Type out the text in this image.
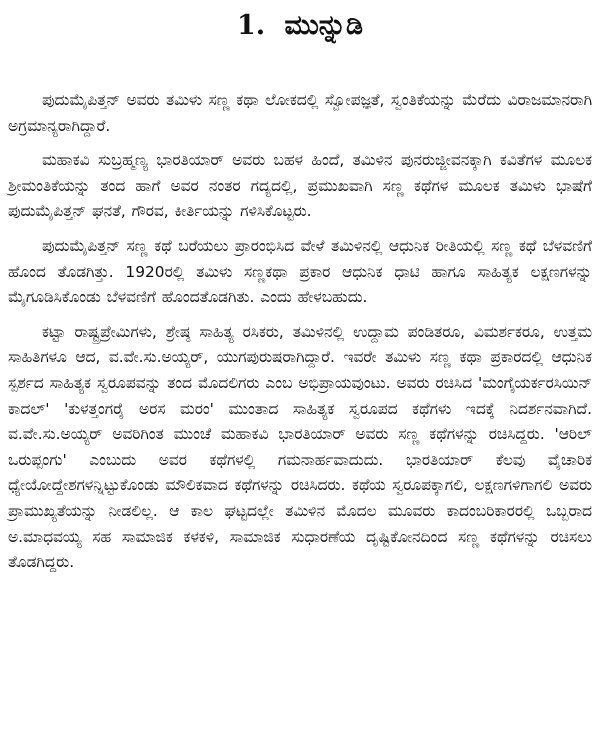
1. ಮುನ್ನುಡಿ

ಪುದುಮೈಪಿತ್ತನ್ ಅವರು ತಮಿಳು ಸಣ್ಣ ಕಥಾ ಲೋಕದಲ್ಲಿ ಸ್ವೋಪಜ್ಞತೆ, ಸ್ವಂತಿಕೆಯನ್ನು ಮೆರೆದು ವಿರಾಜಮಾನರಾಗಿ ಅಗ್ರಮಾನ್ಯರಾಗಿದ್ದಾರೆ.

ಮಹಾಕವಿ ಸುಬ್ರಹ್ಮಣ್ಯ ಭಾರತಿಯಾರ್ ಅವರು ಬಹಳ ಹಿಂದೆ, ತಮಿಳಿನ ಪುನರುಜ್ಜೀವನಕ್ಕಾಗಿ ಕವಿತೆಗಳ ಮೂಲಕ ಶ್ರೀಮಂತಿಕೆಯನ್ನು ತಂದ ಹಾಗೆ ಅವರ ನಂತರ ಗದ್ಯದಲ್ಲಿ, ಪ್ರಮುಖವಾಗಿ ಸಣ್ಣ ಕಥೆಗಳ ಮೂಲಕ ತಮಿಳು ಭಾಷೆಗೆ ಪುದುಮೈಪಿತ್ತನ್ ಘನತೆ, ಗೌರವ, ಕೀರ್ತಿಯನ್ನು ಗಳಿಸಿಕೊಟ್ಟರು.

ಪುದುಮೈಪಿತ್ತನ್ ಸಣ್ಣ ಕಥೆ ಬರೆಯಲು ಪ್ರಾರಂಭಿಸಿದ ವೇಳೆ ತಮಿಳಿನಲ್ಲಿ ಆಧುನಿಕ ರೀತಿಯಲ್ಲಿ ಸಣ್ಣ ಕಥೆ ಬೆಳವಣಿಗೆ ಹೊಂದ ತೊಡಗಿತ್ತು. 1920ರಲ್ಲಿ ತಮಿಳು ಸಣ್ಣಕಥಾ ಪ್ರಕಾರ ಆಧುನಿಕ ಧಾಟಿ ಹಾಗೂ ಸಾಹಿತ್ಯಕ ಲಕ್ಷಣಗಳನ್ನು ಮೈಗೂಡಿಸಿಕೊಂಡು ಬೆಳವಣಿಗೆ ಹೊಂದತೊಡಗಿತು. ಎಂದು ಹೇಳಬಹುದು.

ಕಟ್ಟಾ ರಾಷ್ಟ್ರಪ್ರೇಮಿಗಳು, ಶ್ರೇಷ್ಠ ಸಾಹಿತ್ಯ ರಸಿಕರು, ತಮಿಳಿನಲ್ಲಿ ಉದ್ದಾಮ ಪಂಡಿತರೂ, ವಿಮರ್ಶಕರೂ, ಉತ್ತಮ ಸಾಹಿತಿಗಳೂ ಆದ, ವ.ವೇ.ಸು.ಅಯ್ಯರ್, ಯುಗಪುರುಷರಾಗಿದ್ದಾರೆ. ಇವರೇ ತಮಿಳು ಸಣ್ಣ ಕಥಾ ಪ್ರಕಾರದಲ್ಲಿ ಆಧುನಿಕ ಸ್ಪರ್ಶದ ಸಾಹಿತ್ಯಕ ಸ್ವರೂಪವನ್ನು ತಂದ ಮೊದಲಿಗರು ಎಂಬ ಅಭಿಪ್ರಾಯವುಂಟು. ಅವರು ರಚಿಸಿದ 'ಮಂಗೈಯರ್ಕರಸಿಯಿನ್ ಕಾದಲ್' 'ಕುಳತ್ತಂಗರೈ ಅರಸ ಮರಂ' ಮುಂತಾದ ಸಾಹಿತ್ಯಕ ಸ್ವರೂಪದ ಕಥೆಗಳು ಇದಕ್ಕೆ ನಿದರ್ಶನವಾಗಿದೆ. ವ.ವೇ.ಸು.ಅಯ್ಯರ್ ಅವರಿಗಿಂತ ಮುಂಚೆ ಮಹಾಕವಿ ಭಾರತಿಯಾರ್ ಅವರು ಸಣ್ಣ ಕಥೆಗಳನ್ನು ರಚಿಸಿದ್ದರು. 'ಆರಿಲ್ ಒರುಪ್ಪಂಗು' ಎಂಬುದು ಅವರ ಕಥೆಗಳಲ್ಲಿ ಗಮನಾರ್ಹವಾದುದು. ಭಾರತಿಯಾರ್ ಕೆಲವು ವೈಚಾರಿಕ ಧ್ಯೇಯೋದ್ದೇಶಗಳನ್ನಿಟ್ಟುಕೊಂಡು ಮೌಲಿಕವಾದ ಕಥೆಗಳನ್ನು ರಚಿಸಿದರು. ಕಥೆಯ ಸ್ವರೂಪಕ್ಕಾಗಲಿ, ಲಕ್ಷಣಗಳಿಗಾಗಲಿ ಅವರು ಪ್ರಾಮುಖ್ಯತೆಯನ್ನು ನೀಡಲಿಲ್ಲ. ಆ ಕಾಲ ಘಟ್ಟದಲ್ಲೇ ತಮಿಳಿನ ಮೊದಲ ಮೂವರು ಕಾದಂಬರಿಕಾರರಲ್ಲಿ ಒಬ್ಬರಾದ ಅ.ಮಾಧವಯ್ಯ ಸಹ ಸಾಮಾಜಿಕ ಕಳಕಳಿ, ಸಾಮಾಜಿಕ ಸುಧಾರಣೆಯ ದೃಷ್ಟಿಕೋನದಿಂದ ಸಣ್ಣ ಕಥೆಗಳನ್ನು ರಚಿಸಲು ತೊಡಗಿದ್ದರು.
